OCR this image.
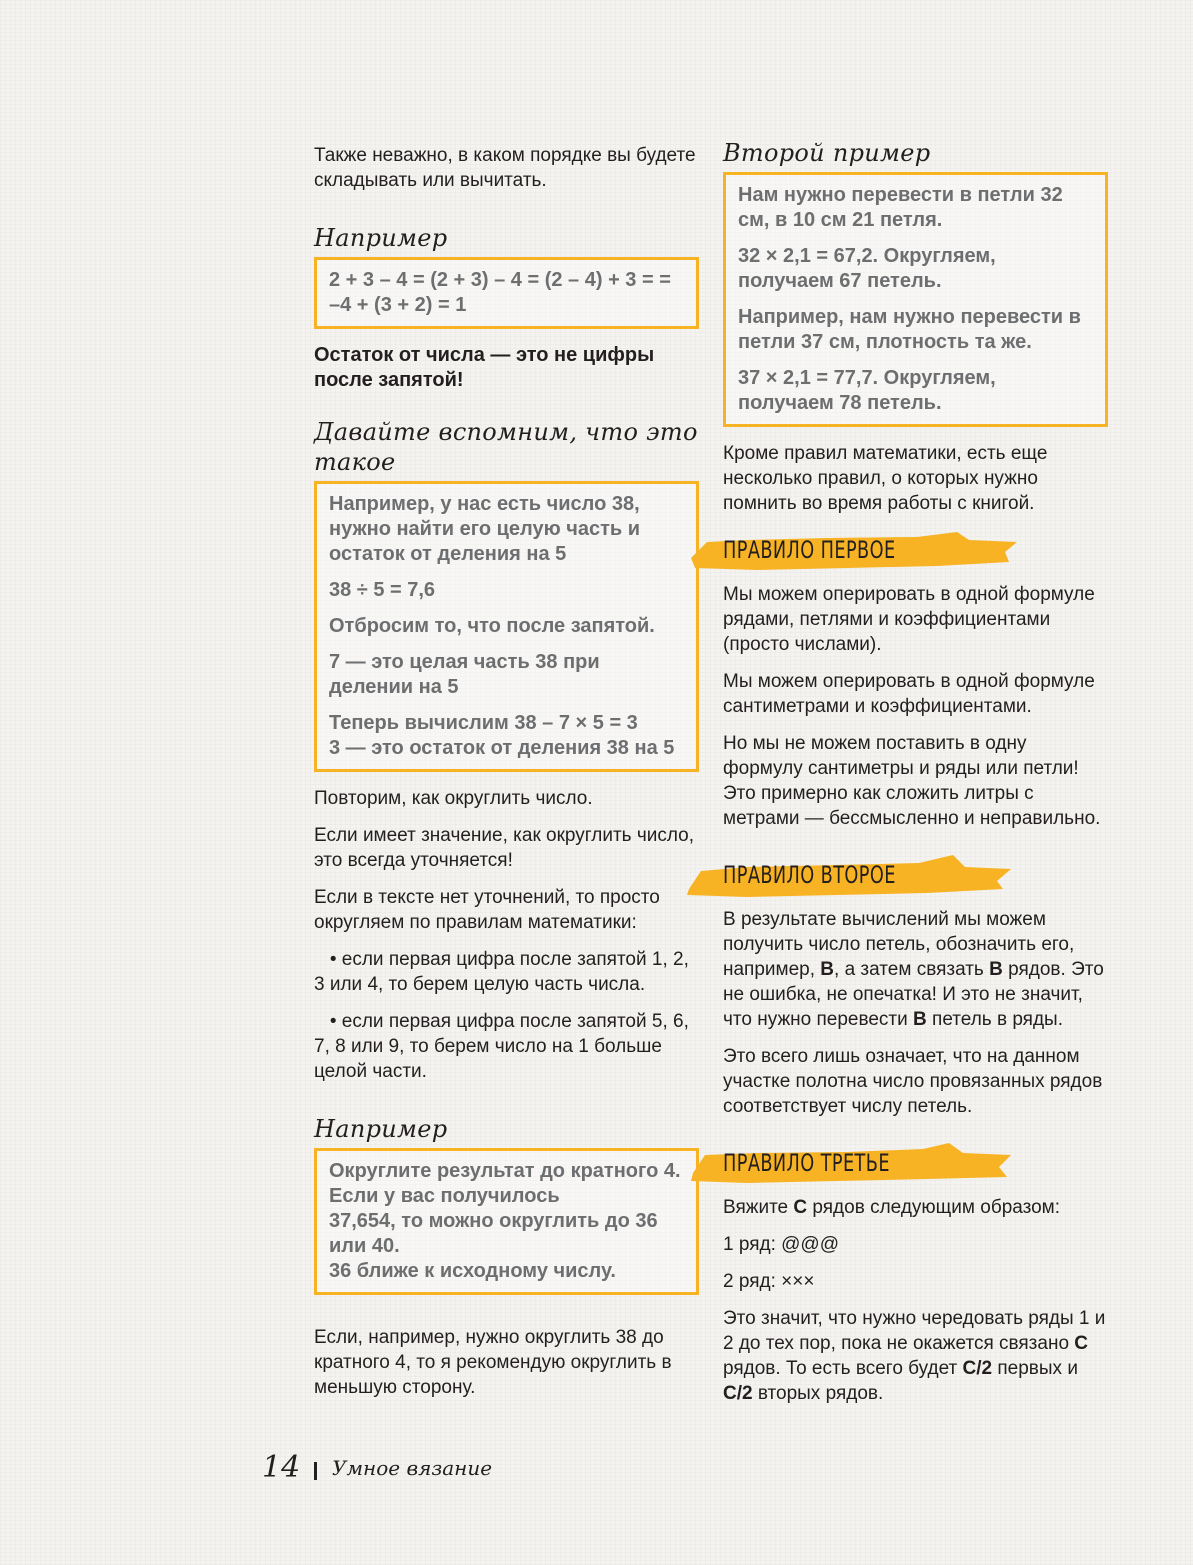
Также неважно, в каком порядке вы будете складывать или вычитать.

Например

2 + 3 – 4 = (2 + 3) – 4 = (2 – 4) + 3 = = –4 + (3 + 2) = 1

Остаток от числа — это не цифры после запятой!

Давайте вспомним, что это такое

Например, у нас есть число 38, нужно найти его целую часть и остаток от деления на 5

38 ÷ 5 = 7,6

Отбросим то, что после запятой.

7 — это целая часть 38 при делении на 5

Теперь вычислим 38 – 7 × 5 = 3

3 — это остаток от деления 38 на 5

Повторим, как округлить число.

Если имеет значение, как округлить число, это всегда уточняется!

Если в тексте нет уточнений, то просто округляем по правилам математики:

• если первая цифра после запятой 1, 2, 3 или 4, то берем целую часть числа.

• если первая цифра после запятой 5, 6, 7, 8 или 9, то берем число на 1 больше целой части.

Например

Округлите результат до кратного 4.

Если у вас получилось

37,654, то можно округлить до 36 или 40.

36 ближе к исходному числу.

Если, например, нужно округлить 38 до кратного 4, то я рекомендую округлить в меньшую сторону.

Второй пример

Нам нужно перевести в петли 32 см, в 10 см 21 петля.

32 × 2,1 = 67,2. Округляем, получаем 67 петель.

Например, нам нужно перевести в петли 37 см, плотность та же.

37 × 2,1 = 77,7. Округляем, получаем 78 петель.

Кроме правил математики, есть еще несколько правил, о которых нужно помнить во время работы с книгой.

ПРАВИЛО ПЕРВОЕ

Мы можем оперировать в одной формуле рядами, петлями и коэффициентами (просто числами).

Мы можем оперировать в одной формуле сантиметрами и коэффициентами.

Но мы не можем поставить в одну формулу сантиметры и ряды или петли! Это примерно как сложить литры с метрами — бессмысленно и неправильно.

ПРАВИЛО ВТОРОЕ

В результате вычислений мы можем получить число петель, обозначить его, например, В, а затем связать В рядов. Это не ошибка, не опечатка! И это не значит, что нужно перевести В петель в ряды.

Это всего лишь означает, что на данном участке полотна число провязанных рядов соответствует числу петель.

ПРАВИЛО ТРЕТЬЕ

Вяжите С рядов следующим образом:

1 ряд: @@@

2 ряд: ×××

Это значит, что нужно чередовать ряды 1 и 2 до тех пор, пока не окажется связано С рядов. То есть всего будет С/2 первых и С/2 вторых рядов.

14 Умное вязание
